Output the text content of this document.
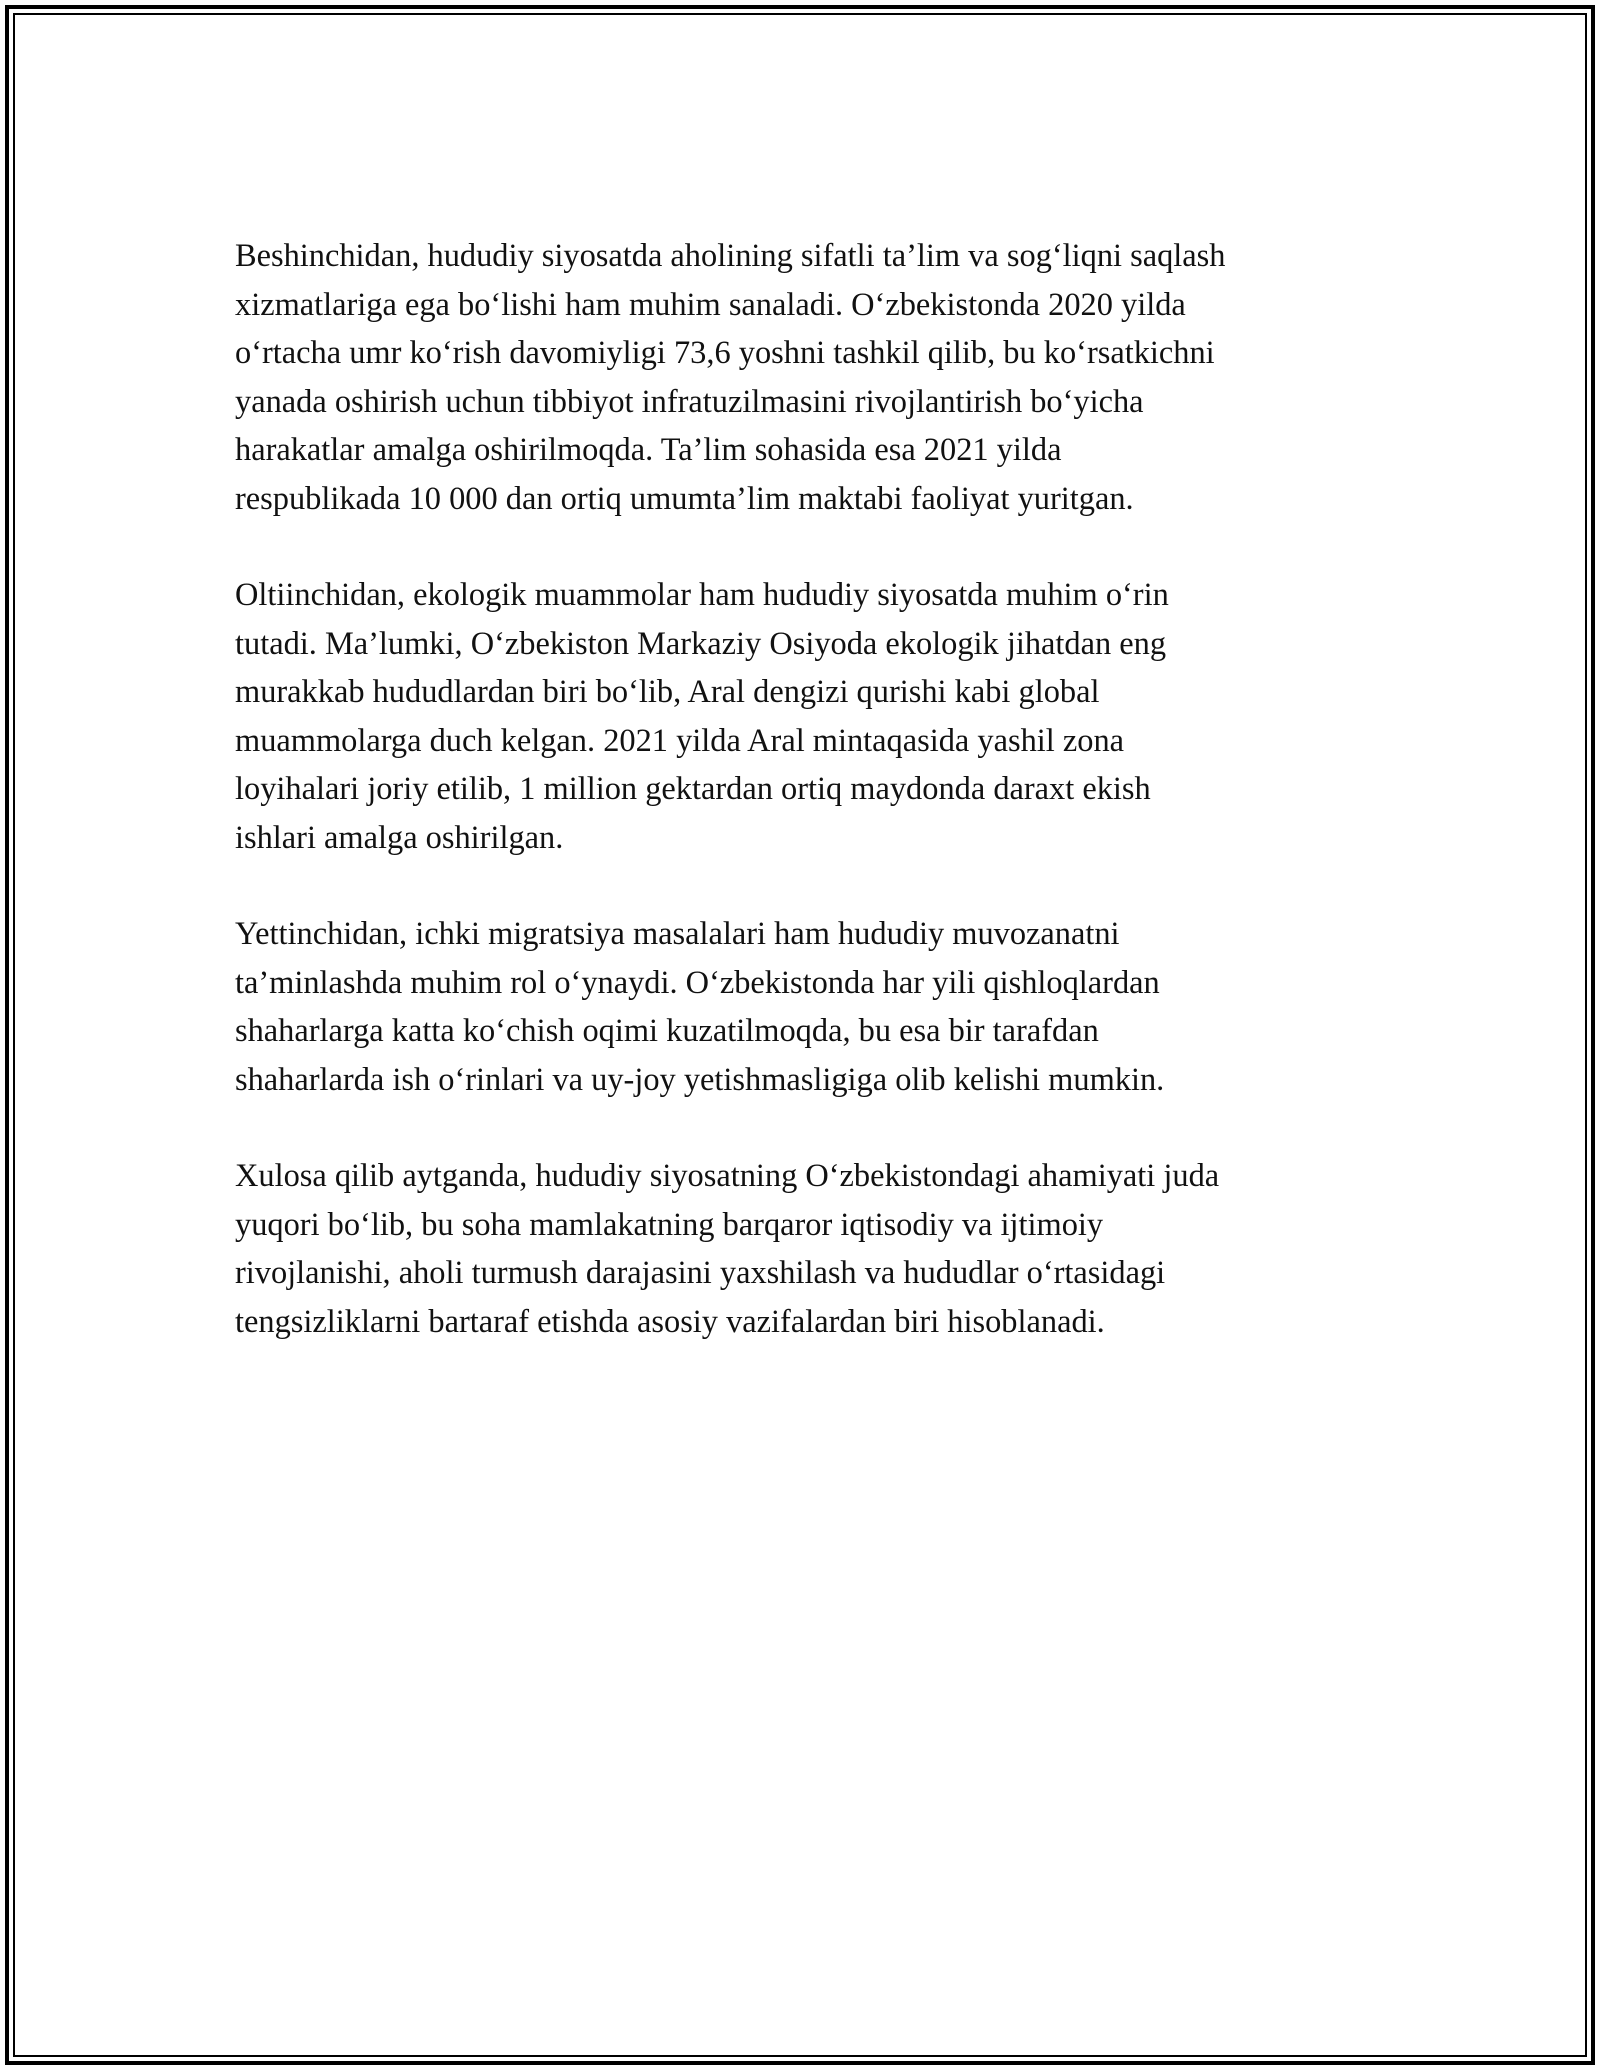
Beshinchidan, hududiy siyosatda aholining sifatli ta’lim va sog‘liqni saqlash
xizmatlariga ega bo‘lishi ham muhim sanaladi. O‘zbekistonda 2020 yilda
o‘rtacha umr ko‘rish davomiyligi 73,6 yoshni tashkil qilib, bu ko‘rsatkichni
yanada oshirish uchun tibbiyot infratuzilmasini rivojlantirish bo‘yicha
harakatlar amalga oshirilmoqda. Ta’lim sohasida esa 2021 yilda
respublikada 10 000 dan ortiq umumta’lim maktabi faoliyat yuritgan.

Oltiinchidan, ekologik muammolar ham hududiy siyosatda muhim o‘rin
tutadi. Ma’lumki, O‘zbekiston Markaziy Osiyoda ekologik jihatdan eng
murakkab hududlardan biri bo‘lib, Aral dengizi qurishi kabi global
muammolarga duch kelgan. 2021 yilda Aral mintaqasida yashil zona
loyihalari joriy etilib, 1 million gektardan ortiq maydonda daraxt ekish
ishlari amalga oshirilgan.

Yettinchidan, ichki migratsiya masalalari ham hududiy muvozanatni
ta’minlashda muhim rol o‘ynaydi. O‘zbekistonda har yili qishloqlardan
shaharlarga katta ko‘chish oqimi kuzatilmoqda, bu esa bir tarafdan
shaharlarda ish o‘rinlari va uy-joy yetishmasligiga olib kelishi mumkin.

Xulosa qilib aytganda, hududiy siyosatning O‘zbekistondagi ahamiyati juda
yuqori bo‘lib, bu soha mamlakatning barqaror iqtisodiy va ijtimoiy
rivojlanishi, aholi turmush darajasini yaxshilash va hududlar o‘rtasidagi
tengsizliklarni bartaraf etishda asosiy vazifalardan biri hisoblanadi.
